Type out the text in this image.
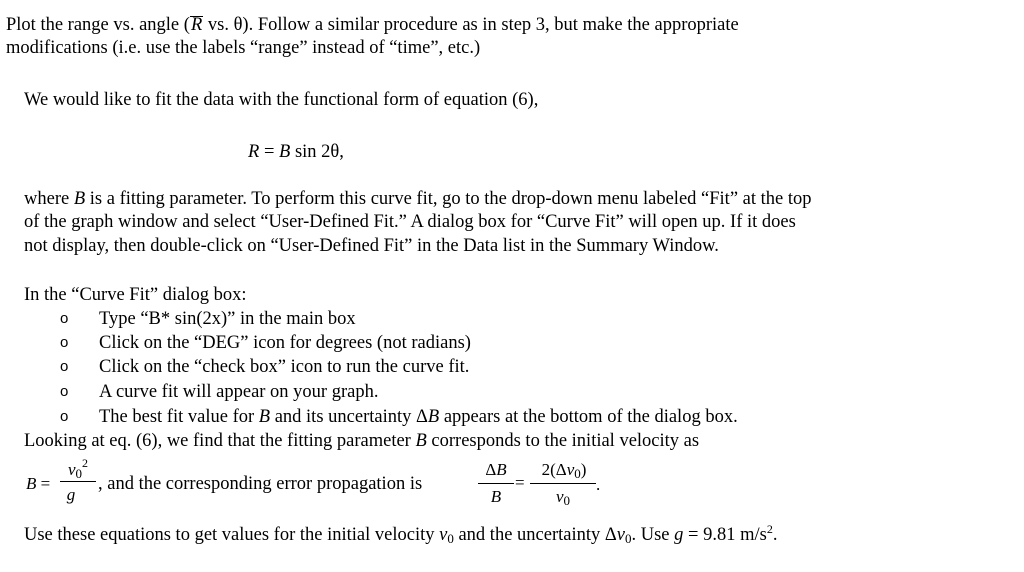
Plot the range vs. angle (R vs. θ). Follow a similar procedure as in step 3, but make the appropriate
modifications (i.e. use the labels “range” instead of “time”, etc.)
We would like to fit the data with the functional form of equation (6),
R = B sin 2θ,
where B is a fitting parameter. To perform this curve fit, go to the drop-down menu labeled “Fit” at the top
of the graph window and select “User-Defined Fit.” A dialog box for “Curve Fit” will open up. If it does
not display, then double-click on “User-Defined Fit” in the Data list in the Summary Window.
In the “Curve Fit” dialog box:
o Type “B* sin(2x)” in the main box
o Click on the “DEG” icon for degrees (not radians)
o Click on the “check box” icon to run the curve fit.
o A curve fit will appear on your graph.
o The best fit value for B and its uncertainty ΔB appears at the bottom of the dialog box.
Looking at eq. (6), we find that the fitting parameter B corresponds to the initial velocity as
B =
$v_0^2$
g
, and the corresponding error propagation is
ΔB
B
=
$2(\Delta v_0)$
$v_0$
.
Use these equations to get values for the initial velocity $v_0$ and the uncertainty $\Delta v_0$. Use g = 9.81 $m/s^2$.
